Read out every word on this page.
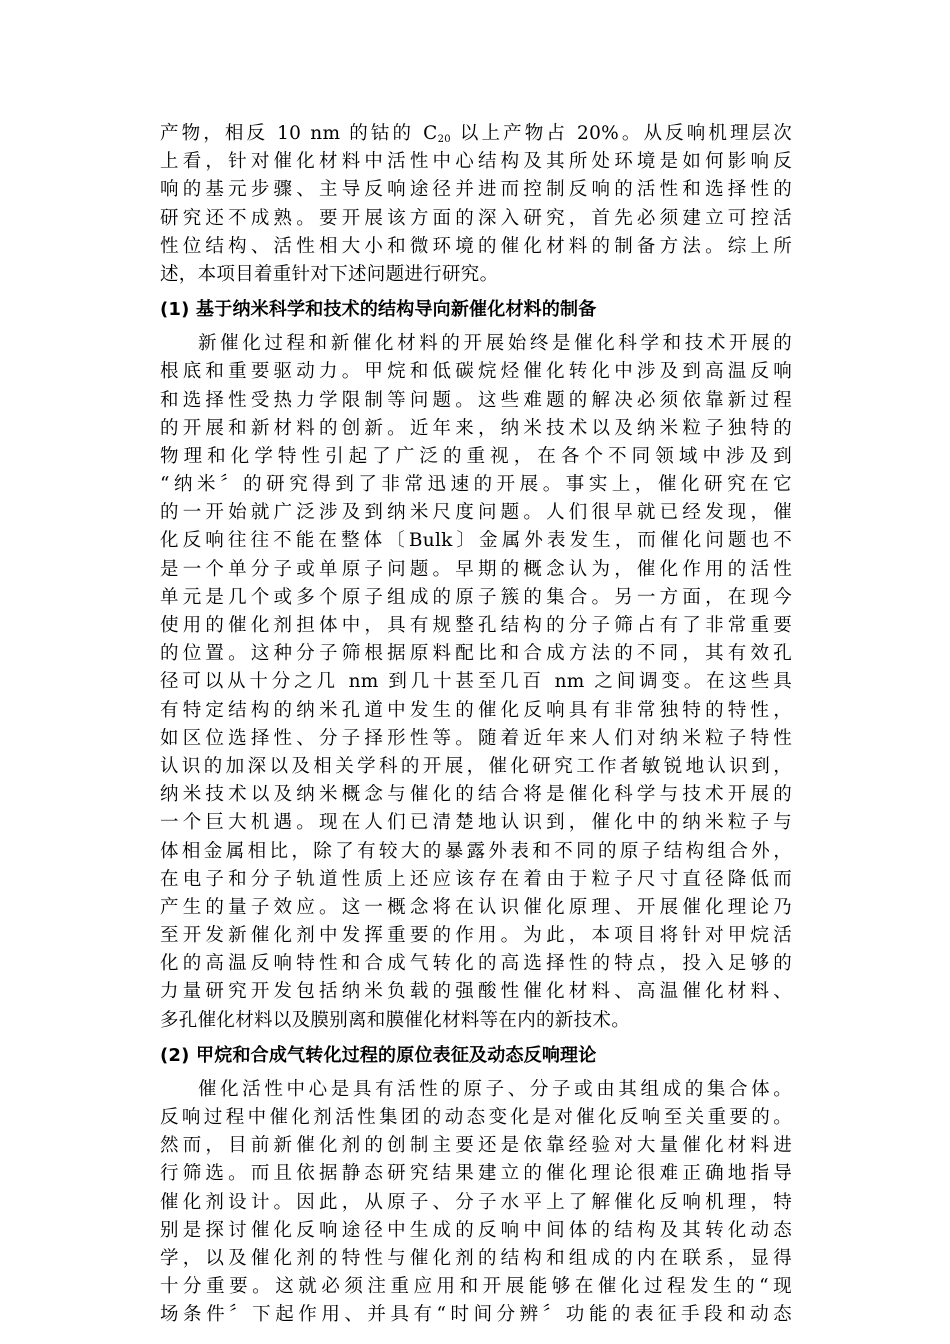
产物，相反 10 nm 的钴的 $C_{20}$ 以上产物占 20%。从反响机理层次
上看，针对催化材料中活性中心结构及其所处环境是如何影响反
响的基元步骤、主导反响途径并进而控制反响的活性和选择性的
研究还不成熟。要开展该方面的深入研究，首先必须建立可控活
性位结构、活性相大小和微环境的催化材料的制备方法。综上所
述，本项目着重针对下述问题进行研究。
(1) 基于纳米科学和技术的结构导向新催化材料的制备
新催化过程和新催化材料的开展始终是催化科学和技术开展的
根底和重要驱动力。甲烷和低碳烷烃催化转化中涉及到高温反响
和选择性受热力学限制等问题。这些难题的解决必须依靠新过程
的开展和新材料的创新。近年来，纳米技术以及纳米粒子独特的
物理和化学特性引起了广泛的重视，在各个不同领域中涉及到
“纳米〞的研究得到了非常迅速的开展。事实上，催化研究在它
的一开始就广泛涉及到纳米尺度问题。人们很早就已经发现，催
化反响往往不能在整体〔Bulk〕金属外表发生，而催化问题也不
是一个单分子或单原子问题。早期的概念认为，催化作用的活性
单元是几个或多个原子组成的原子簇的集合。另一方面，在现今
使用的催化剂担体中，具有规整孔结构的分子筛占有了非常重要
的位置。这种分子筛根据原料配比和合成方法的不同，其有效孔
径可以从十分之几 nm 到几十甚至几百 nm 之间调变。在这些具
有特定结构的纳米孔道中发生的催化反响具有非常独特的特性，
如区位选择性、分子择形性等。随着近年来人们对纳米粒子特性
认识的加深以及相关学科的开展，催化研究工作者敏锐地认识到，
纳米技术以及纳米概念与催化的结合将是催化科学与技术开展的
一个巨大机遇。现在人们已清楚地认识到，催化中的纳米粒子与
体相金属相比，除了有较大的暴露外表和不同的原子结构组合外，
在电子和分子轨道性质上还应该存在着由于粒子尺寸直径降低而
产生的量子效应。这一概念将在认识催化原理、开展催化理论乃
至开发新催化剂中发挥重要的作用。为此，本项目将针对甲烷活
化的高温反响特性和合成气转化的高选择性的特点，投入足够的
力量研究开发包括纳米负载的强酸性催化材料、高温催化材料、
多孔催化材料以及膜别离和膜催化材料等在内的新技术。
(2) 甲烷和合成气转化过程的原位表征及动态反响理论
催化活性中心是具有活性的原子、分子或由其组成的集合体。
反响过程中催化剂活性集团的动态变化是对催化反响至关重要的。
然而，目前新催化剂的创制主要还是依靠经验对大量催化材料进
行筛选。而且依据静态研究结果建立的催化理论很难正确地指导
催化剂设计。因此，从原子、分子水平上了解催化反响机理，特
别是探讨催化反响途径中生成的反响中间体的结构及其转化动态
学，以及催化剂的特性与催化剂的结构和组成的内在联系，显得
十分重要。这就必须注重应用和开展能够在催化过程发生的“现
场条件〞下起作用、并具有“时间分辨〞功能的表征手段和动态
